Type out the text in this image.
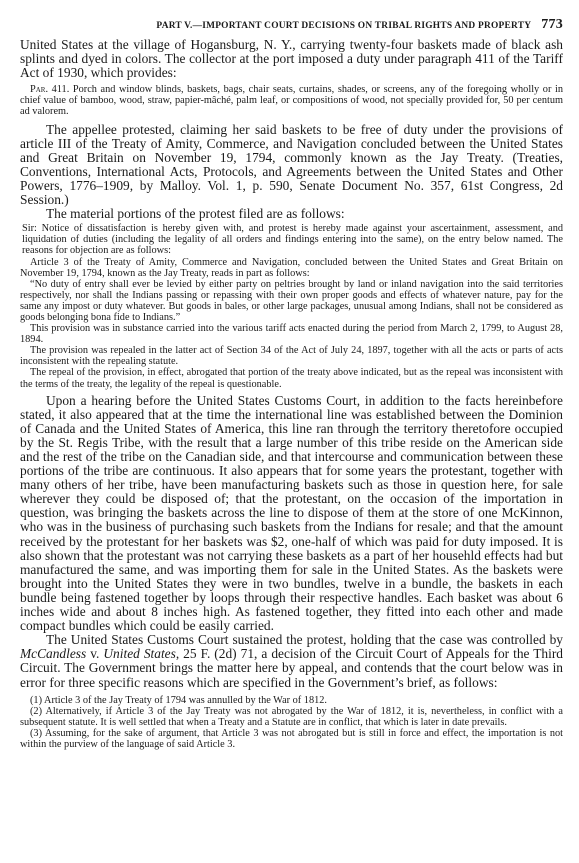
PART V.—IMPORTANT COURT DECISIONS ON TRIBAL RIGHTS AND PROPERTY 773

United States at the village of Hogansburg, N. Y., carrying twenty-four baskets made of black ash splints and dyed in colors. The collector at the port imposed a duty under paragraph 411 of the Tariff Act of 1930, which provides:

Par. 411. Porch and window blinds, baskets, bags, chair seats, curtains, shades, or screens, any of the foregoing wholly or in chief value of bamboo, wood, straw, papier-mâché, palm leaf, or compositions of wood, not specially provided for, 50 per centum ad valorem.

The appellee protested, claiming her said baskets to be free of duty under the provisions of article III of the Treaty of Amity, Commerce, and Navigation concluded between the United States and Great Britain on November 19, 1794, commonly known as the Jay Treaty. (Treaties, Conventions, International Acts, Protocols, and Agreements between the United States and Other Powers, 1776–1909, by Malloy. Vol. 1, p. 590, Senate Document No. 357, 61st Congress, 2d Session.)

The material portions of the protest filed are as follows:

Sir: Notice of dissatisfaction is hereby given with, and protest is hereby made against your ascertainment, assessment, and liquidation of duties (including the legality of all orders and findings entering into the same), on the entry below named. The reasons for objection are as follows:

Article 3 of the Treaty of Amity, Commerce and Navigation, concluded between the United States and Great Britain on November 19, 1794, known as the Jay Treaty, reads in part as follows:

“No duty of entry shall ever be levied by either party on peltries brought by land or inland navigation into the said territories respectively, nor shall the Indians passing or repassing with their own proper goods and effects of whatever nature, pay for the same any impost or duty whatever. But goods in bales, or other large packages, unusual among Indians, shall not be considered as goods belonging bona fide to Indians.”

This provision was in substance carried into the various tariff acts enacted during the period from March 2, 1799, to August 28, 1894.

The provision was repealed in the latter act of Section 34 of the Act of July 24, 1897, together with all the acts or parts of acts inconsistent with the repealing statute.

The repeal of the provision, in effect, abrogated that portion of the treaty above indicated, but as the repeal was inconsistent with the terms of the treaty, the legality of the repeal is questionable.

Upon a hearing before the United States Customs Court, in addition to the facts hereinbefore stated, it also appeared that at the time the international line was established between the Dominion of Canada and the United States of America, this line ran through the territory theretofore occupied by the St. Regis Tribe, with the result that a large number of this tribe reside on the American side and the rest of the tribe on the Canadian side, and that intercourse and communication between these portions of the tribe are continuous. It also appears that for some years the protestant, together with many others of her tribe, have been manufacturing baskets such as those in question here, for sale wherever they could be disposed of; that the protestant, on the occasion of the importation in question, was bringing the baskets across the line to dispose of them at the store of one McKinnon, who was in the business of purchasing such baskets from the Indians for resale; and that the amount received by the protestant for her baskets was $2, one-half of which was paid for duty imposed. It is also shown that the protestant was not carrying these baskets as a part of her househld effects had but manufactured the same, and was importing them for sale in the United States. As the baskets were brought into the United States they were in two bundles, twelve in a bundle, the baskets in each bundle being fastened together by loops through their respective handles. Each basket was about 6 inches wide and about 8 inches high. As fastened together, they fitted into each other and made compact bundles which could be easily carried.

The United States Customs Court sustained the protest, holding that the case was controlled by McCandless v. United States, 25 F. (2d) 71, a decision of the Circuit Court of Appeals for the Third Circuit. The Government brings the matter here by appeal, and contends that the court below was in error for three specific reasons which are specified in the Government’s brief, as follows:

(1) Article 3 of the Jay Treaty of 1794 was annulled by the War of 1812.

(2) Alternatively, if Article 3 of the Jay Treaty was not abrogated by the War of 1812, it is, nevertheless, in conflict with a subsequent statute. It is well settled that when a Treaty and a Statute are in conflict, that which is later in date prevails.

(3) Assuming, for the sake of argument, that Article 3 was not abrogated but is still in force and effect, the importation is not within the purview of the language of said Article 3.
